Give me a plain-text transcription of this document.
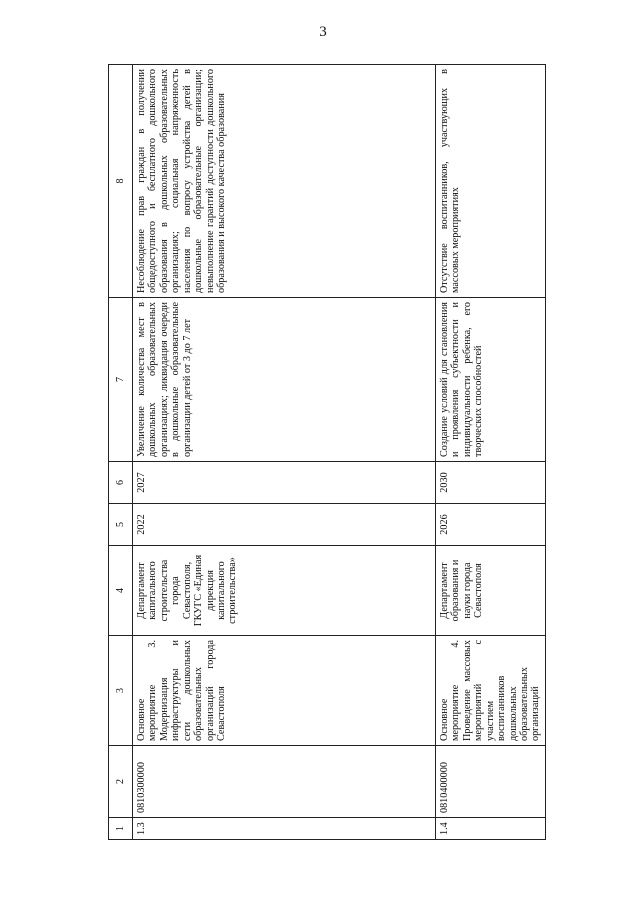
3
1	2	3	4	5	6	7	8
1.3	0810300000	Основное мероприятие 3. Модернизация инфраструктуры и сети дошкольных образовательных организаций города Севастополя	Департамент капитального строительства города Севастополя, ГКУГС «Единая дирекция капитального строительства»	2022	2027	Увеличение количества мест в дошкольных образовательных организациях; ликвидация очереди в дошкольные образовательные организации детей от 3 до 7 лет	Несоблюдение прав граждан в получении общедоступного и бесплатного дошкольного образования в дошкольных образовательных организациях; социальная напряженность населения по вопросу устройства детей в дошкольные образовательные организации; невыполнение гарантий доступности дошкольного образования и высокого качества образования
1.4	0810400000	Основное мероприятие 4. Проведение массовых мероприятий с участием воспитанников дошкольных образовательных организаций	Департамент образования и науки города Севастополя	2026	2030	Создание условий для становления и проявления субъектности и индивидуальности ребенка, его творческих способностей	Отсутствие воспитанников, участвующих в массовых мероприятиях
